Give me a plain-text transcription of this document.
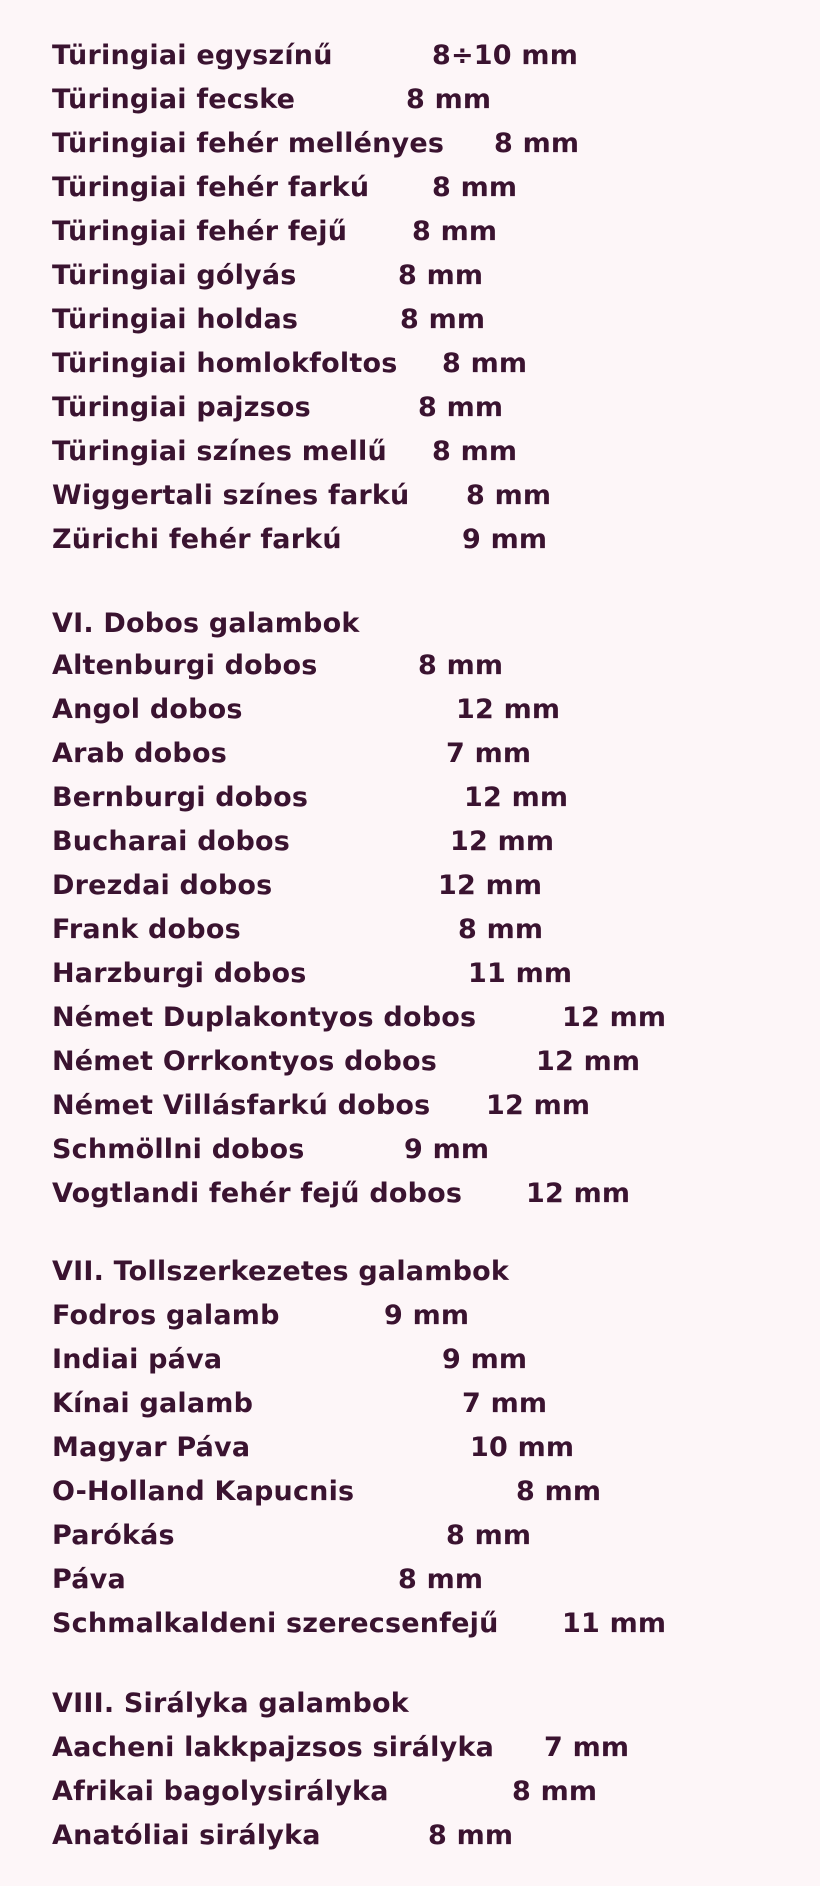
Türingiai egyszínű	8÷10 mm
Türingiai fecske	8 mm
Türingiai fehér mellényes 8 mm
Türingiai fehér farkú 8 mm
Türingiai fehér fejű 8 mm
Türingiai gólyás	8 mm
Türingiai holdas	8 mm
Türingiai homlokfoltos 8 mm
Türingiai pajzsos	8 mm
Türingiai színes mellű 8 mm
Wiggertali színes farkú 8 mm
Zürichi fehér farkú	9 mm
VI. Dobos galambok
Altenburgi dobos	8 mm
Angol dobos	12 mm
Arab dobos	7 mm
Bernburgi dobos	12 mm
Bucharai dobos	12 mm
Drezdai dobos	12 mm
Frank dobos	8 mm
Harzburgi dobos	11 mm
Német Duplakontyos dobos	12 mm
Német Orrkontyos dobos	12 mm
Német Villásfarkú dobos 12 mm
Schmöllni dobos	9 mm
Vogtlandi fehér fejű dobos 12 mm
VII. Tollszerkezetes galambok
Fodros galamb	9 mm
Indiai páva	9 mm
Kínai galamb	7 mm
Magyar Páva	10 mm
O-Holland Kapucnis	8 mm
Parókás	8 mm
Páva	8 mm
Schmalkaldeni szerecsenfejű 11 mm
VIII. Sirályka galambok
Aacheni lakkpajzsos sirályka 7 mm
Afrikai bagolysirályka	8 mm
Anatóliai sirályka	8 mm
